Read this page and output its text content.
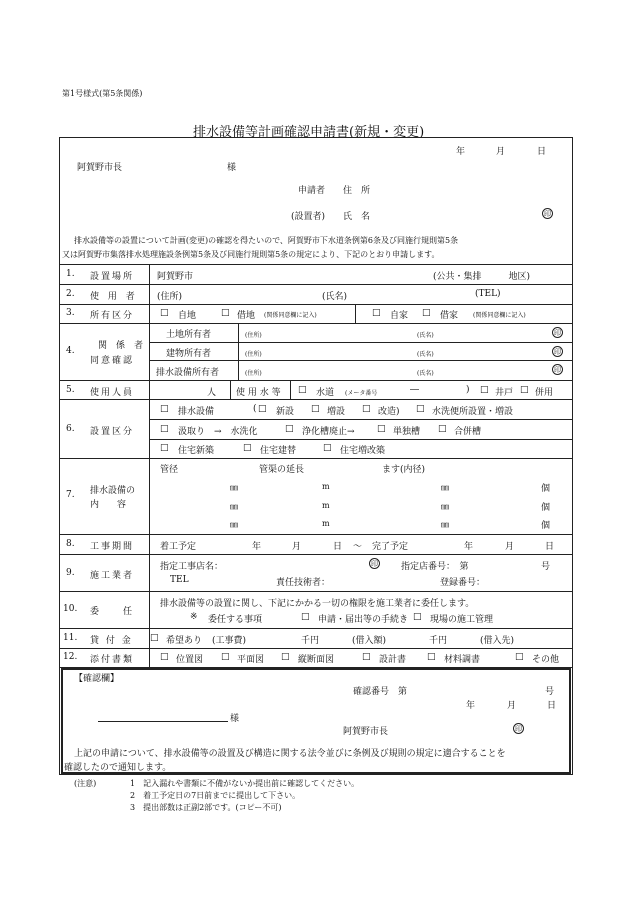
第1号様式(第5条関係)
排水設備等計画確認申請書(新規・変更)
年	月	日
阿賀野市長	様
申請者 住　所
(設置者) 氏　名	印
排水設備等の設置について計画(変更)の確認を得たいので、阿賀野市下水道条例第6条及び同施行規則第5条
又は阿賀野市集落排水処理施設条例第5条及び同施行規則第5条の規定により、下記のとおり申請します。
1. 設置場所	阿賀野市	(公共・集排　　　地区)
2. 使 用 者 (住所)	(氏名)	(TEL)
3. 所有区分	□ 自地	□ 借地 (関係同意欄に記入)	□ 自家 □ 借家 (関係同意欄に記入)
4.	関　係　者
同意確認
土地所有者	(住所)	(氏名)	印
建物所有者	(住所)	(氏名)	印
排水設備所有者	(住所)	(氏名)	印
5. 使用人員	人 使 用 水 等 □ 水道 (メータ番号	―	) □ 井戸 □ 併用
6. 設置区分
□ 排水設備	( □ 新設 □ 増設 □ 改造) □ 水洗便所設置・増設
□ 汲取り　→　水洗化	□ 浄化槽廃止→ □ 単独槽 □ 合併槽
□ 住宅新築	□ 住宅建替	□ 住宅増改築
7. 排水設備の
内　　容
管径	管渠の延長	ます(内径)
㎜	m	㎜	個
㎜	m	㎜	個
㎜	m	㎜	個
8. 工事期間	着工予定	年	月	日 ～ 完了予定	年	月	日
9. 施工業者
指定工事店名：	印	指定店番号：　第	号
TEL	責任技術者：	登録番号：
10. 委　　任
排水設備等の設置に関し、下記にかかる一切の権限を施工業者に委任します。
※ 委任する事項	□ 申請・届出等の手続き □ 現場の施工管理
11. 貸 付 金 □ 希望あり (工事費)	千円	(借入額)	千円	(借入先)
12. 添付書類	□ 位置図 □ 平面図 □ 縦断面図	□ 設計書 □ 材料調書	□ その他
【確認欄】
確認番号　第	号
年	月	日
様
阿賀野市長	印
上記の申請について、排水設備等の設置及び構造に関する法令並びに条例及び規則の規定に適合することを
確認したので通知します。
(注意)	1　記入漏れや書類に不備がないか提出前に確認してください。
2　着工予定日の7日前までに提出して下さい。
3　提出部数は正副2部です。(コピー不可)
